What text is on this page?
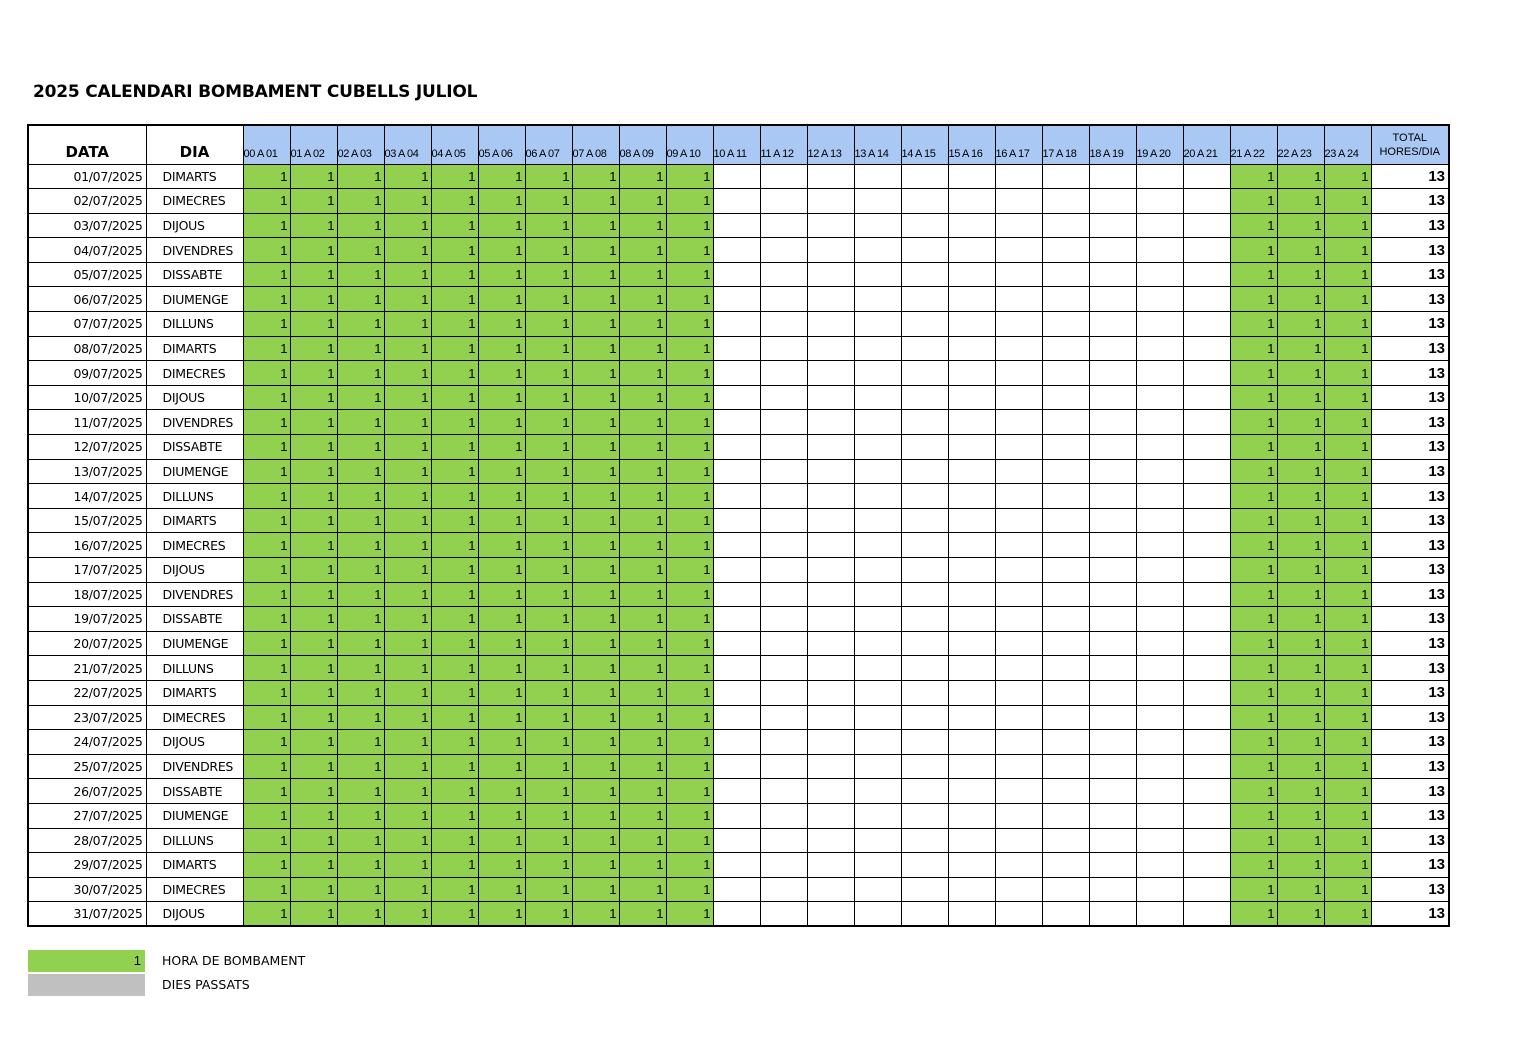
2025 CALENDARI BOMBAMENT CUBELLS JULIOL
DATA	DIA	00 A 01	01 A 02	02 A 03	03 A 04	04 A 05	05 A 06	06 A 07	07 A 08	08 A 09	09 A 10	10 A 11	11 A 12	12 A 13	13 A 14	14 A 15	15 A 16	16 A 17	17 A 18	18 A 19	19 A 20	20 A 21	21 A 22	22 A 23	23 A 24	TOTAL
HORES/DIA

01/07/2025	DIMARTS	1	1	1	1	1	1	1	1	1	1												1	1	1	13
02/07/2025	DIMECRES	1	1	1	1	1	1	1	1	1	1												1	1	1	13
03/07/2025	DIJOUS	1	1	1	1	1	1	1	1	1	1												1	1	1	13
04/07/2025	DIVENDRES	1	1	1	1	1	1	1	1	1	1												1	1	1	13
05/07/2025	DISSABTE	1	1	1	1	1	1	1	1	1	1												1	1	1	13
06/07/2025	DIUMENGE	1	1	1	1	1	1	1	1	1	1												1	1	1	13
07/07/2025	DILLUNS	1	1	1	1	1	1	1	1	1	1												1	1	1	13
08/07/2025	DIMARTS	1	1	1	1	1	1	1	1	1	1												1	1	1	13
09/07/2025	DIMECRES	1	1	1	1	1	1	1	1	1	1												1	1	1	13
10/07/2025	DIJOUS	1	1	1	1	1	1	1	1	1	1												1	1	1	13
11/07/2025	DIVENDRES	1	1	1	1	1	1	1	1	1	1												1	1	1	13
12/07/2025	DISSABTE	1	1	1	1	1	1	1	1	1	1												1	1	1	13
13/07/2025	DIUMENGE	1	1	1	1	1	1	1	1	1	1												1	1	1	13
14/07/2025	DILLUNS	1	1	1	1	1	1	1	1	1	1												1	1	1	13
15/07/2025	DIMARTS	1	1	1	1	1	1	1	1	1	1												1	1	1	13
16/07/2025	DIMECRES	1	1	1	1	1	1	1	1	1	1												1	1	1	13
17/07/2025	DIJOUS	1	1	1	1	1	1	1	1	1	1												1	1	1	13
18/07/2025	DIVENDRES	1	1	1	1	1	1	1	1	1	1												1	1	1	13
19/07/2025	DISSABTE	1	1	1	1	1	1	1	1	1	1												1	1	1	13
20/07/2025	DIUMENGE	1	1	1	1	1	1	1	1	1	1												1	1	1	13
21/07/2025	DILLUNS	1	1	1	1	1	1	1	1	1	1												1	1	1	13
22/07/2025	DIMARTS	1	1	1	1	1	1	1	1	1	1												1	1	1	13
23/07/2025	DIMECRES	1	1	1	1	1	1	1	1	1	1												1	1	1	13
24/07/2025	DIJOUS	1	1	1	1	1	1	1	1	1	1												1	1	1	13
25/07/2025	DIVENDRES	1	1	1	1	1	1	1	1	1	1												1	1	1	13
26/07/2025	DISSABTE	1	1	1	1	1	1	1	1	1	1												1	1	1	13
27/07/2025	DIUMENGE	1	1	1	1	1	1	1	1	1	1												1	1	1	13
28/07/2025	DILLUNS	1	1	1	1	1	1	1	1	1	1												1	1	1	13
29/07/2025	DIMARTS	1	1	1	1	1	1	1	1	1	1												1	1	1	13
30/07/2025	DIMECRES	1	1	1	1	1	1	1	1	1	1												1	1	1	13
31/07/2025	DIJOUS	1	1	1	1	1	1	1	1	1	1												1	1	1	13
1	HORA DE BOMBAMENT
DIES PASSATS
